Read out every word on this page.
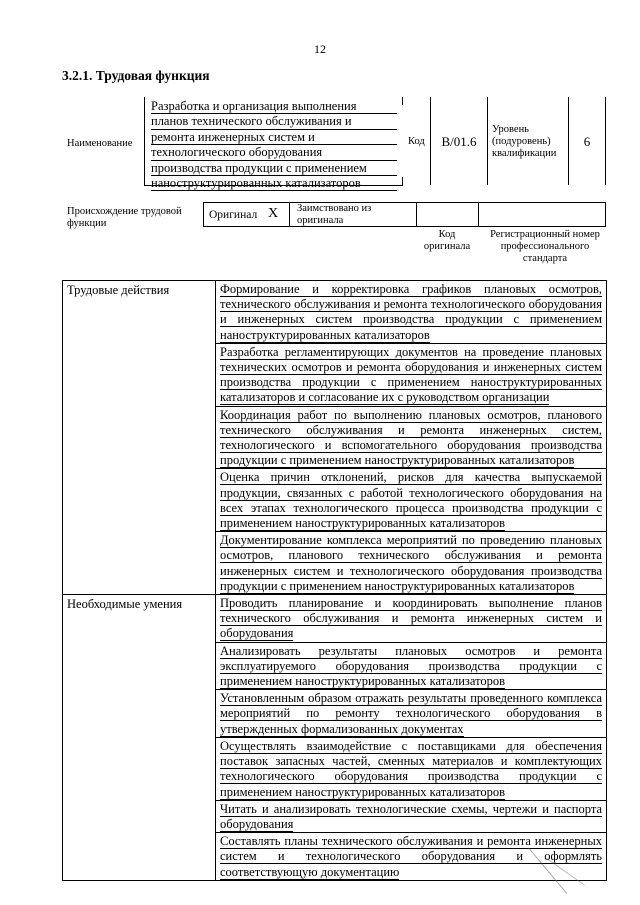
12
3.2.1. Трудовая функция
Наименование
Разработка и организация выполнения
планов технического обслуживания и
ремонта инженерных систем и
технологического оборудования
производства продукции с применением
наноструктурированных катализаторов
Код	B/01.6
Уровень
(подуровень)
квалификации
6
Происхождение трудовой
функции
Оригинал X Заимствовано из
оригинала
Код
оригинала
Регистрационный номер
профессионального
стандарта
Трудовые действия	Формирование и корректировка графиков плановых осмотров, технического обслуживания и ремонта технологического оборудования и инженерных систем производства продукции с применением наноструктурированных катализаторов

	Разработка регламентирующих документов на проведение плановых технических осмотров и ремонта оборудования и инженерных систем производства продукции с применением наноструктурированных катализаторов и согласование их с руководством организации

	Координация работ по выполнению плановых осмотров, планового технического обслуживания и ремонта инженерных систем, технологического и вспомогательного оборудования производства продукции с применением наноструктурированных катализаторов

	Оценка причин отклонений, рисков для качества выпускаемой продукции, связанных с работой технологического оборудования на всех этапах технологического процесса производства продукции с применением наноструктурированных катализаторов

	Документирование комплекса мероприятий по проведению плановых осмотров, планового технического обслуживания и ремонта инженерных систем и технологического оборудования производства продукции с применением наноструктурированных катализаторов

Необходимые умения	Проводить планирование и координировать выполнение планов технического обслуживания и ремонта инженерных систем и оборудования

	Анализировать результаты плановых осмотров и ремонта эксплуатируемого оборудования производства продукции с применением наноструктурированных катализаторов

	Установленным образом отражать результаты проведенного комплекса мероприятий по ремонту технологического оборудования в утвержденных формализованных документах

	Осуществлять взаимодействие с поставщиками для обеспечения поставок запасных частей, сменных материалов и комплектующих технологического оборудования производства продукции с применением наноструктурированных катализаторов

	Читать и анализировать технологические схемы, чертежи и паспорта оборудования

	Составлять планы технического обслуживания и ремонта инженерных систем и технологического оборудования и оформлять соответствующую документацию
